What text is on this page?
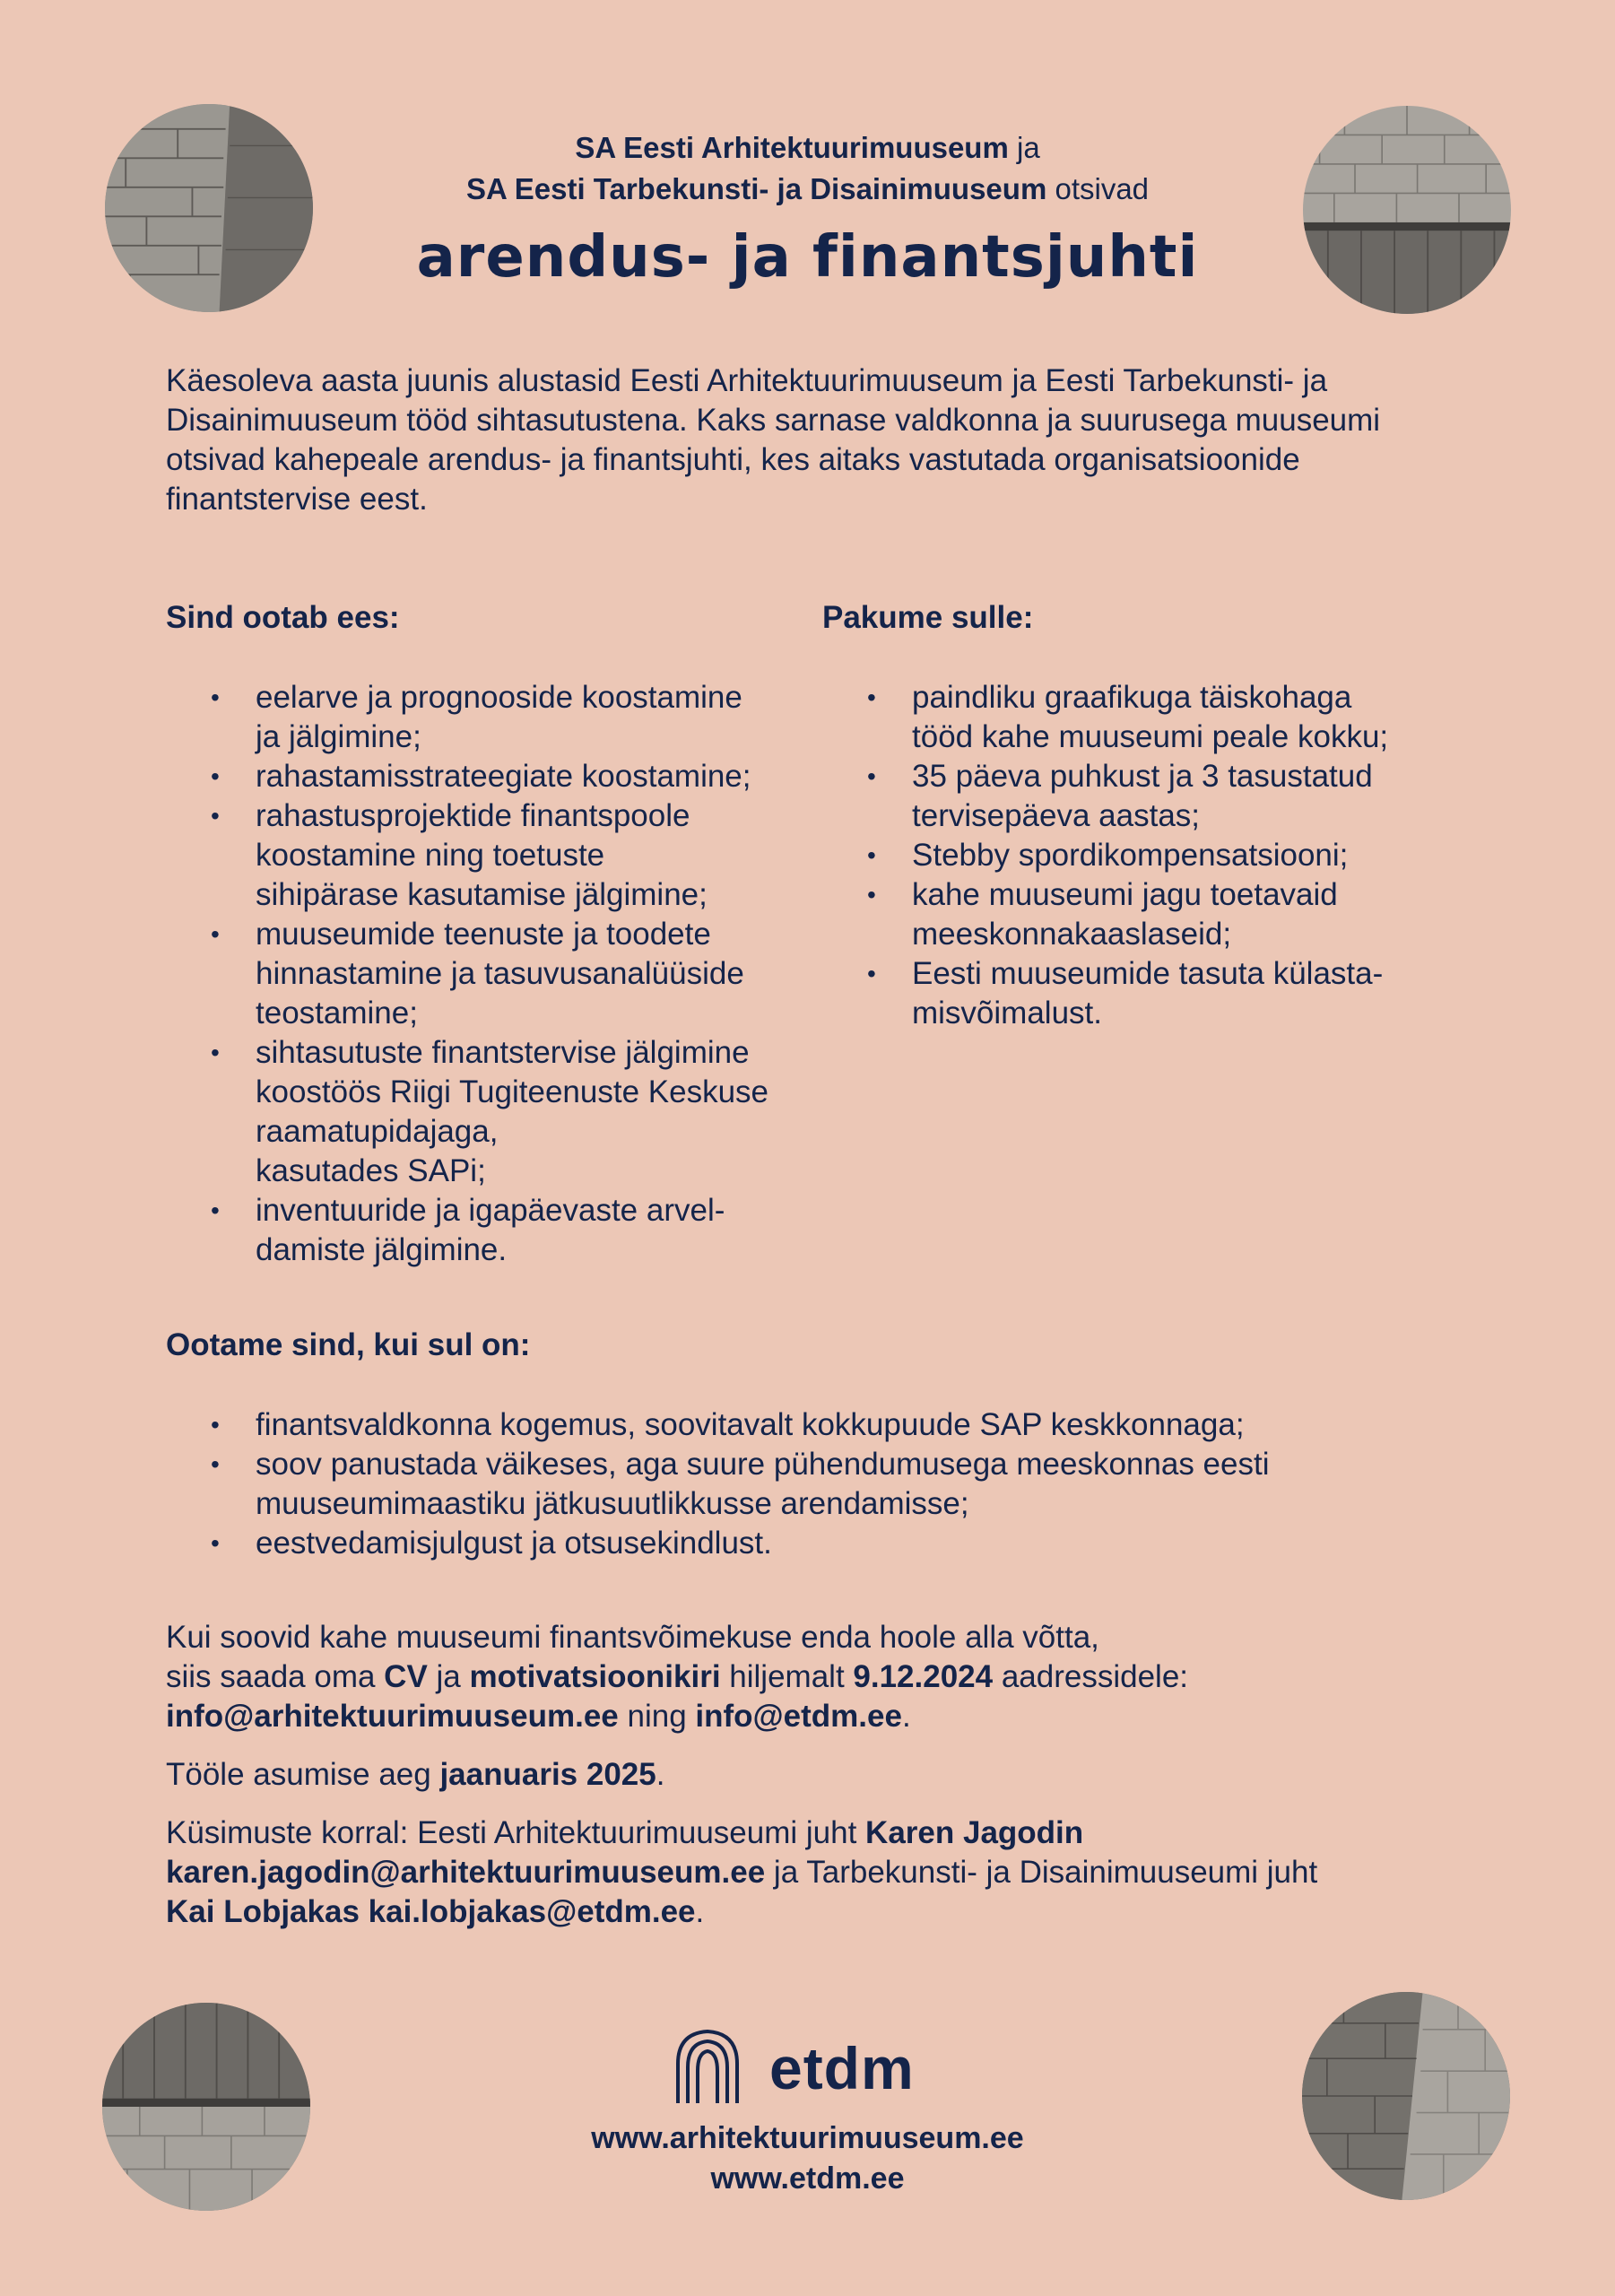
SA Eesti Arhitektuurimuuseum ja
SA Eesti Tarbekunsti- ja Disainimuuseum otsivad
arendus- ja finantsjuhti
Käesoleva aasta juunis alustasid Eesti Arhitektuurimuuseum ja Eesti Tarbekunsti- ja Disainimuuseum tööd sihtasutustena. Kaks sarnase valdkonna ja suurusega muuseumi otsivad kahepeale arendus- ja finantsjuhti, kes aitaks vastutada organisatsioonide finantstervise eest.

Sind ootab ees:

• eelarve ja prognooside koostamine
ja jälgimine;
• rahastamisstrateegiate koostamine;
• rahastusprojektide finantspoole
koostamine ning toetuste
sihipärase kasutamise jälgimine;
• muuseumide teenuste ja toodete
hinnastamine ja tasuvusanalüüside
teostamine;
• sihtasutuste finantstervise jälgimine
koostöös Riigi Tugiteenuste Keskuse
raamatupidajaga,
kasutades SAPi;
• inventuuride ja igapäevaste arvel-
damiste jälgimine.

Pakume sulle:

• paindliku graafikuga täiskohaga
tööd kahe muuseumi peale kokku;
• 35 päeva puhkust ja 3 tasustatud
tervisepäeva aastas;
• Stebby spordikompensatsiooni;
• kahe muuseumi jagu toetavaid
meeskonnakaaslaseid;
• Eesti muuseumide tasuta külasta-
misvõimalust.

Ootame sind, kui sul on:

• finantsvaldkonna kogemus, soovitavalt kokkupuude SAP keskkonnaga;
• soov panustada väikeses, aga suure pühendumusega meeskonnas eesti
muuseumimaastiku jätkusuutlikkusse arendamisse;
• eestvedamisjulgust ja otsusekindlust.

Kui soovid kahe muuseumi finantsvõimekuse enda hoole alla võtta,
siis saada oma CV ja motivatsioonikiri hiljemalt 9.12.2024 aadressidele:
info@arhitektuurimuuseum.ee ning info@etdm.ee.

Tööle asumise aeg jaanuaris 2025.

Küsimuste korral: Eesti Arhitektuurimuuseumi juht Karen Jagodin
karen.jagodin@arhitektuurimuuseum.ee ja Tarbekunsti- ja Disainimuuseumi juht
Kai Lobjakas kai.lobjakas@etdm.ee.

etdm
www.arhitektuurimuuseum.ee
www.etdm.ee
